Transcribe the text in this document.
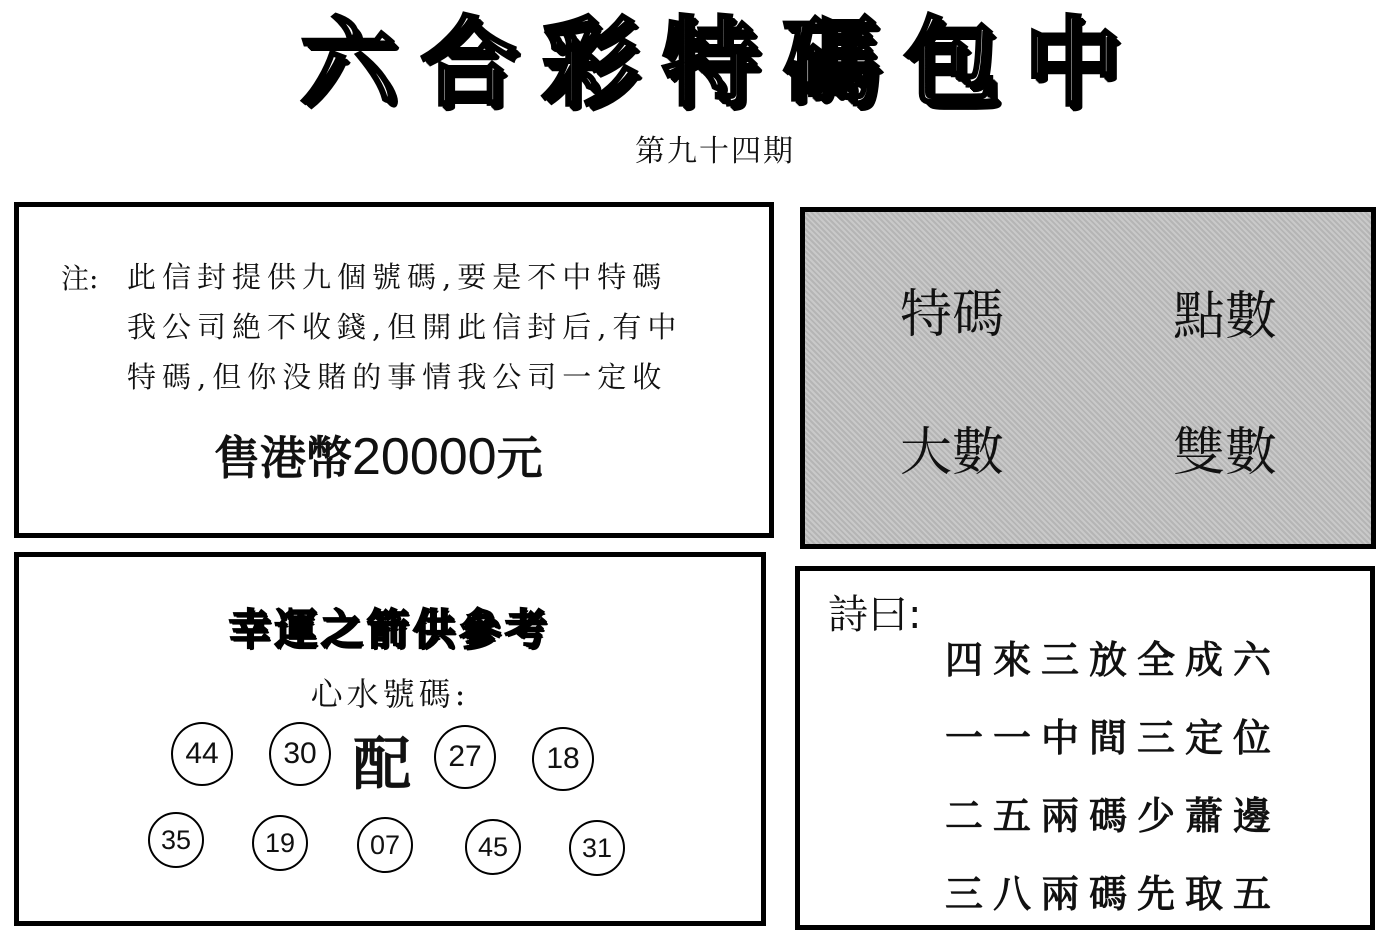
六 合 彩 特 碼 包 中
第九十四期
注: 此信封提供九個號碼,要是不中特碼
我公司絶不收錢,但開此信封后,有中
特碼,但你没賭的事情我公司一定收
售港幣20000元
特碼	點數
大數	雙數
幸運之箭供參考
心水號碼:
44	30 配	27	18
35	19	07	45	31
詩曰:
四來三放全成六
一一中間三定位
二五兩碼少蕭邊
三八兩碼先取五
